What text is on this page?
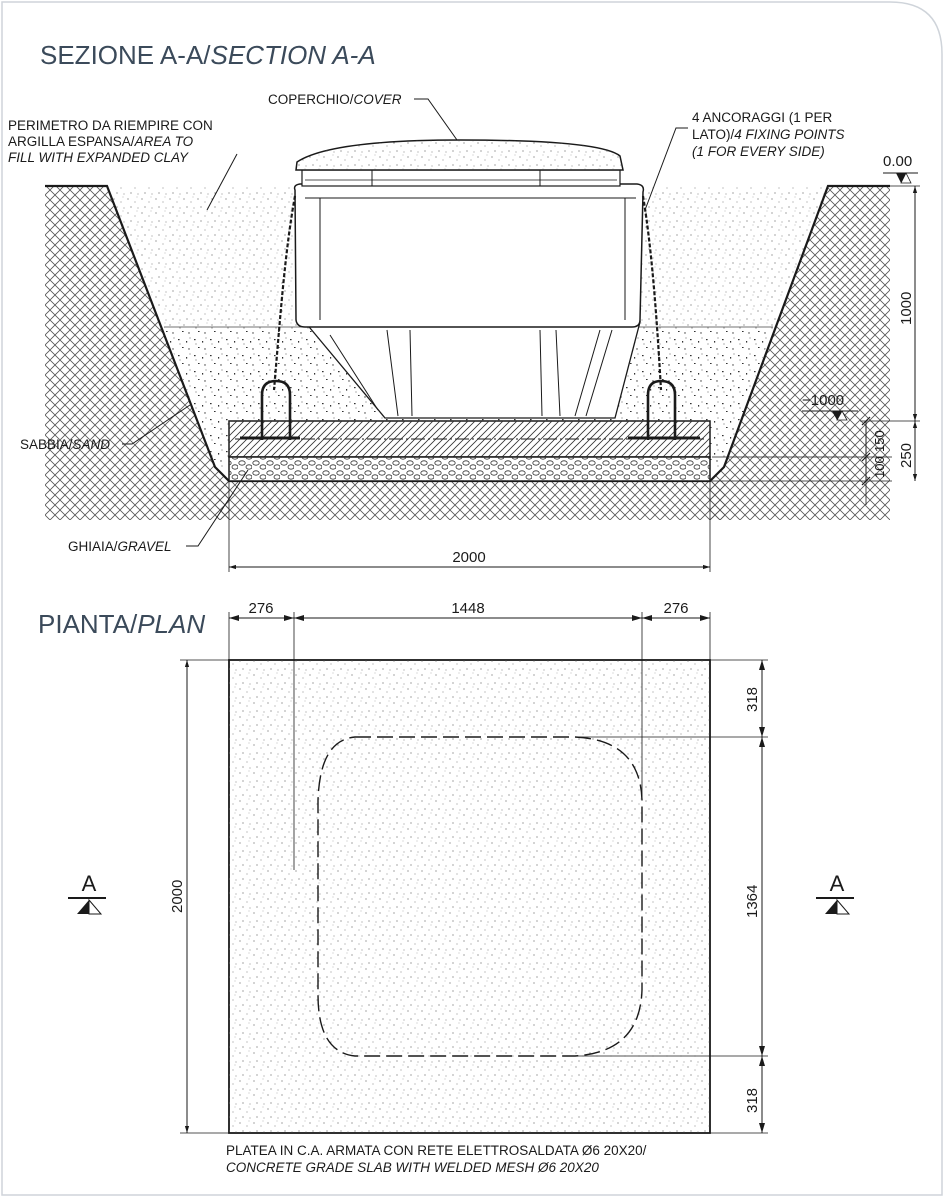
SEZIONE A-A/SECTION A-A
COPERCHIO/COVER
PERIMETRO DA RIEMPIRE CON
ARGILLA ESPANSA/AREA TO
FILL WITH EXPANDED CLAY
4 ANCORAGGI (1 PER
LATO)/4 FIXING POINTS
(1 FOR EVERY SIDE)
SABBIA/SAND
GHIAIA/GRAVEL
0.00
−1000
1000
150
100 250
2000
PIANTA/PLAN
276	1448	276
2000
318
1364
318
A	A
PLATEA IN C.A. ARMATA CON RETE ELETTROSALDATA Ø6 20X20/
CONCRETE GRADE SLAB WITH WELDED MESH Ø6 20X20
